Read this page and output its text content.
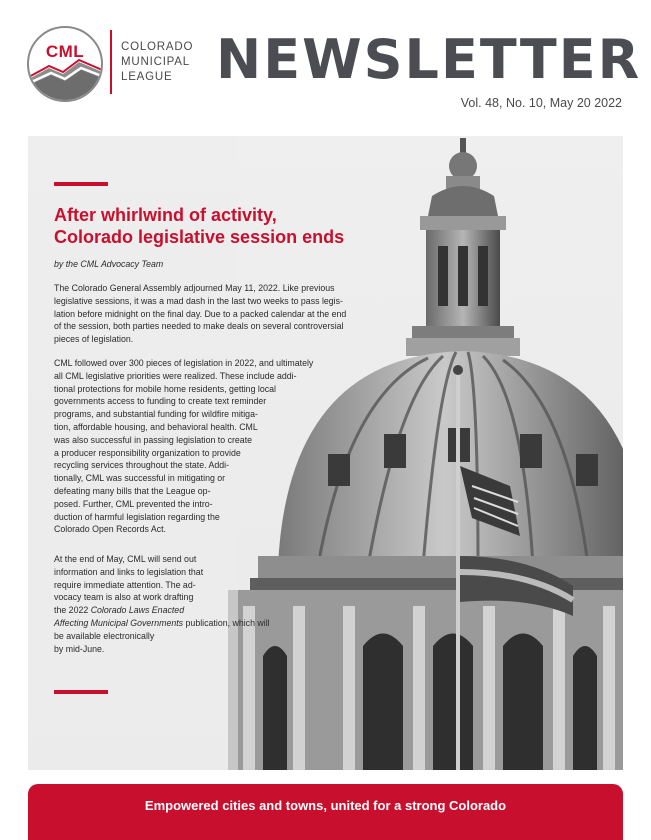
CML	COLORADO
MUNICIPAL
LEAGUE NEWSLETTER
Vol. 48, No. 10, May 20 2022
After whirlwind of activity,
Colorado legislative session ends
by the CML Advocacy Team
The Colorado General Assembly adjourned May 11, 2022. Like previous
legislative sessions, it was a mad dash in the last two weeks to pass legis-
lation before midnight on the final day. Due to a packed calendar at the end
of the session, both parties needed to make deals on several controversial
pieces of legislation.
CML followed over 300 pieces of legislation in 2022, and ultimately
all CML legislative priorities were realized. These include addi-
tional protections for mobile home residents, getting local
governments access to funding to create text reminder
programs, and substantial funding for wildfire mitiga-
tion, affordable housing, and behavioral health. CML
was also successful in passing legislation to create
a producer responsibility organization to provide
recycling services throughout the state. Addi-
tionally, CML was successful in mitigating or
defeating many bills that the League op-
posed. Further, CML prevented the intro-
duction of harmful legislation regarding the
Colorado Open Records Act.
At the end of May, CML will send out
information and links to legislation that
require immediate attention. The ad-
vocacy team is also at work drafting
the 2022 Colorado Laws Enacted
Affecting Municipal Governments publication, which will
be available electronically
by mid-June.
Empowered cities and towns, united for a strong Colorado
